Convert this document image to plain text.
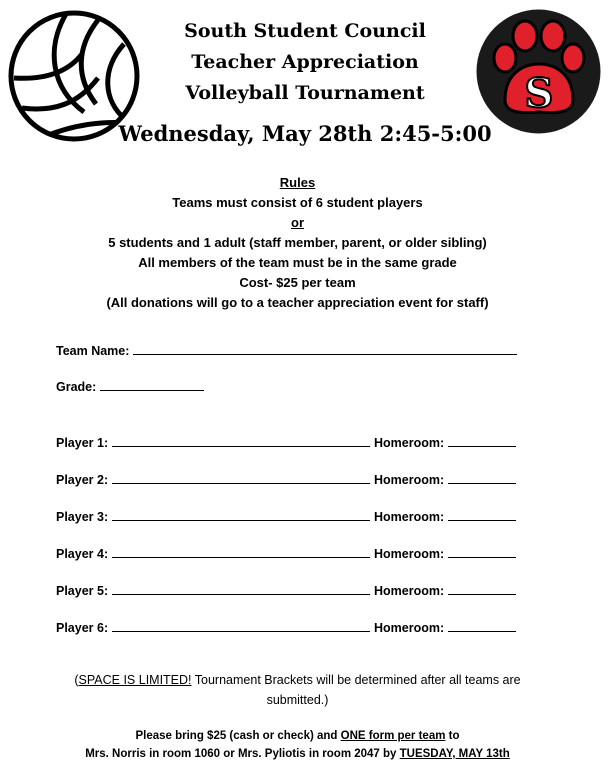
S
South Student Council
Teacher Appreciation
Volleyball Tournament
Wednesday, May 28th 2:45-5:00
Rules
Teams must consist of 6 student players
or
5 students and 1 adult (staff member, parent, or older sibling)
All members of the team must be in the same grade
Cost- $25 per team
(All donations will go to a teacher appreciation event for staff)
Team Name:
Grade:
Player 1:	Homeroom:
Player 2:	Homeroom:
Player 3:	Homeroom:
Player 4:	Homeroom:
Player 5:	Homeroom:
Player 6:	Homeroom:
(SPACE IS LIMITED! Tournament Brackets will be determined after all teams are submitted.)
Please bring $25 (cash or check) and ONE form per team to
Mrs. Norris in room 1060 or Mrs. Pyliotis in room 2047 by TUESDAY, MAY 13th
